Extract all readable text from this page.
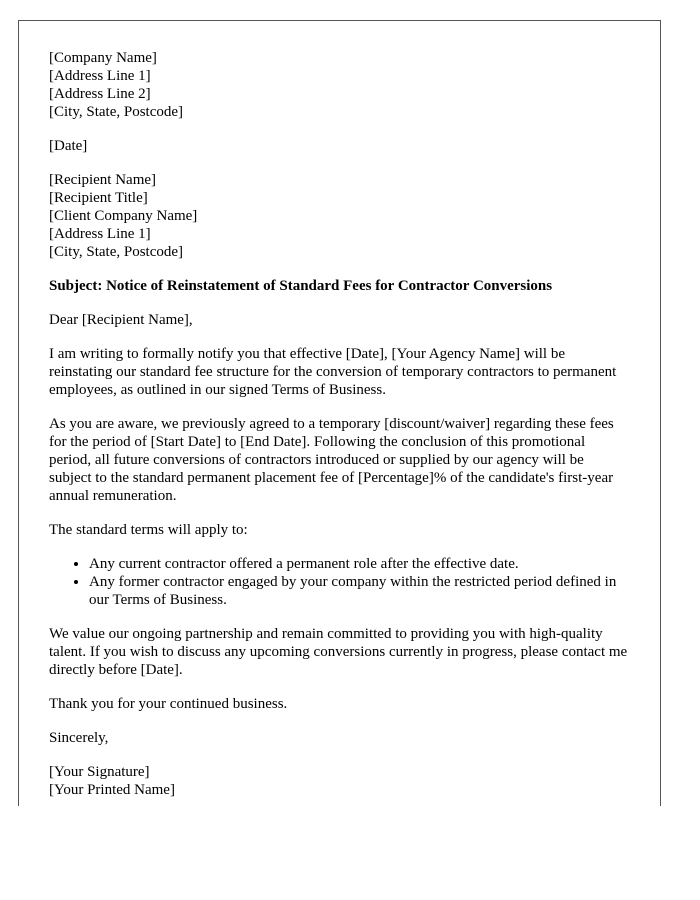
[Company Name]
[Address Line 1]
[Address Line 2]
[City, State, Postcode]
[Date]
[Recipient Name]
[Recipient Title]
[Client Company Name]
[Address Line 1]
[City, State, Postcode]

Subject: Notice of Reinstatement of Standard Fees for Contractor Conversions

Dear [Recipient Name],

I am writing to formally notify you that effective [Date], [Your Agency Name] will be reinstating our standard fee structure for the conversion of temporary contractors to permanent employees, as outlined in our signed Terms of Business.

As you are aware, we previously agreed to a temporary [discount/waiver] regarding these fees for the period of [Start Date] to [End Date]. Following the conclusion of this promotional period, all future conversions of contractors introduced or supplied by our agency will be subject to the standard permanent placement fee of [Percentage]% of the candidate's first-year annual remuneration.

The standard terms will apply to:

• Any current contractor offered a permanent role after the effective date.
• Any former contractor engaged by your company within the restricted period defined in our Terms of Business.

We value our ongoing partnership and remain committed to providing you with high-quality talent. If you wish to discuss any upcoming conversions currently in progress, please contact me directly before [Date].

Thank you for your continued business.

Sincerely,

[Your Signature]
[Your Printed Name]
